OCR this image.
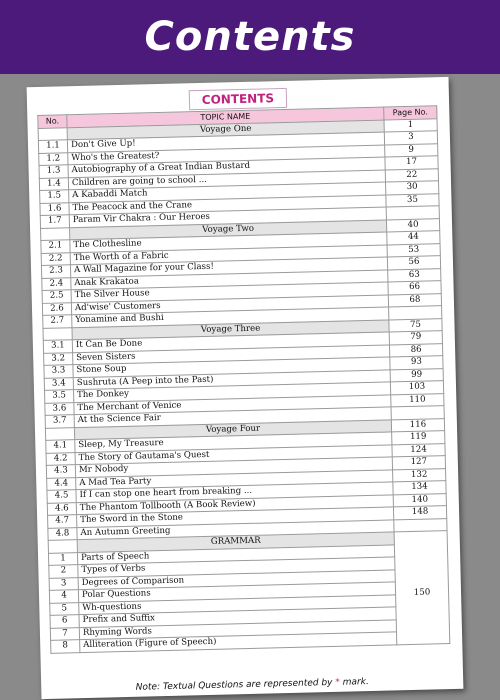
Contents
CONTENTS
No.	TOPIC NAME	Page No.
	Voyage One	1
1.1	Don't Give Up!	3
1.2	Who's the Greatest?	9
1.3	Autobiography of a Great Indian Bustard	17
1.4	Children are going to school ...	22
1.5	A Kabaddi Match	30
1.6	The Peacock and the Crane	35
1.7	Param Vir Chakra : Our Heroes	
	Voyage Two	40
2.1	The Clothesline	44
2.2	The Worth of a Fabric	53
2.3	A Wall Magazine for your Class!	56
2.4	Anak Krakatoa	63
2.5	The Silver House	66
2.6	Ad'wise' Customers	68
2.7	Yonamine and Bushi	
	Voyage Three	75
3.1	It Can Be Done	79
3.2	Seven Sisters	86
3.3	Stone Soup	93
3.4	Sushruta (A Peep into the Past)	99
3.5	The Donkey	103
3.6	The Merchant of Venice	110
3.7	At the Science Fair	
	Voyage Four	116
4.1	Sleep, My Treasure	119
4.2	The Story of Gautama's Quest	124
4.3	Mr Nobody	127
4.4	A Mad Tea Party	132
4.5	If I can stop one heart from breaking ...	134
4.6	The Phantom Tollbooth (A Book Review)	140
4.7	The Sword in the Stone	148
4.8	An Autumn Greeting	
	GRAMMAR	
1	Parts of Speech	150
2	Types of Verbs	
3	Degrees of Comparison	
4	Polar Questions	
5	Wh-questions	
6	Prefix and Suffix	
7	Rhyming Words	
8	Alliteration (Figure of Speech)	
Note: Textual Questions are represented by * mark.
